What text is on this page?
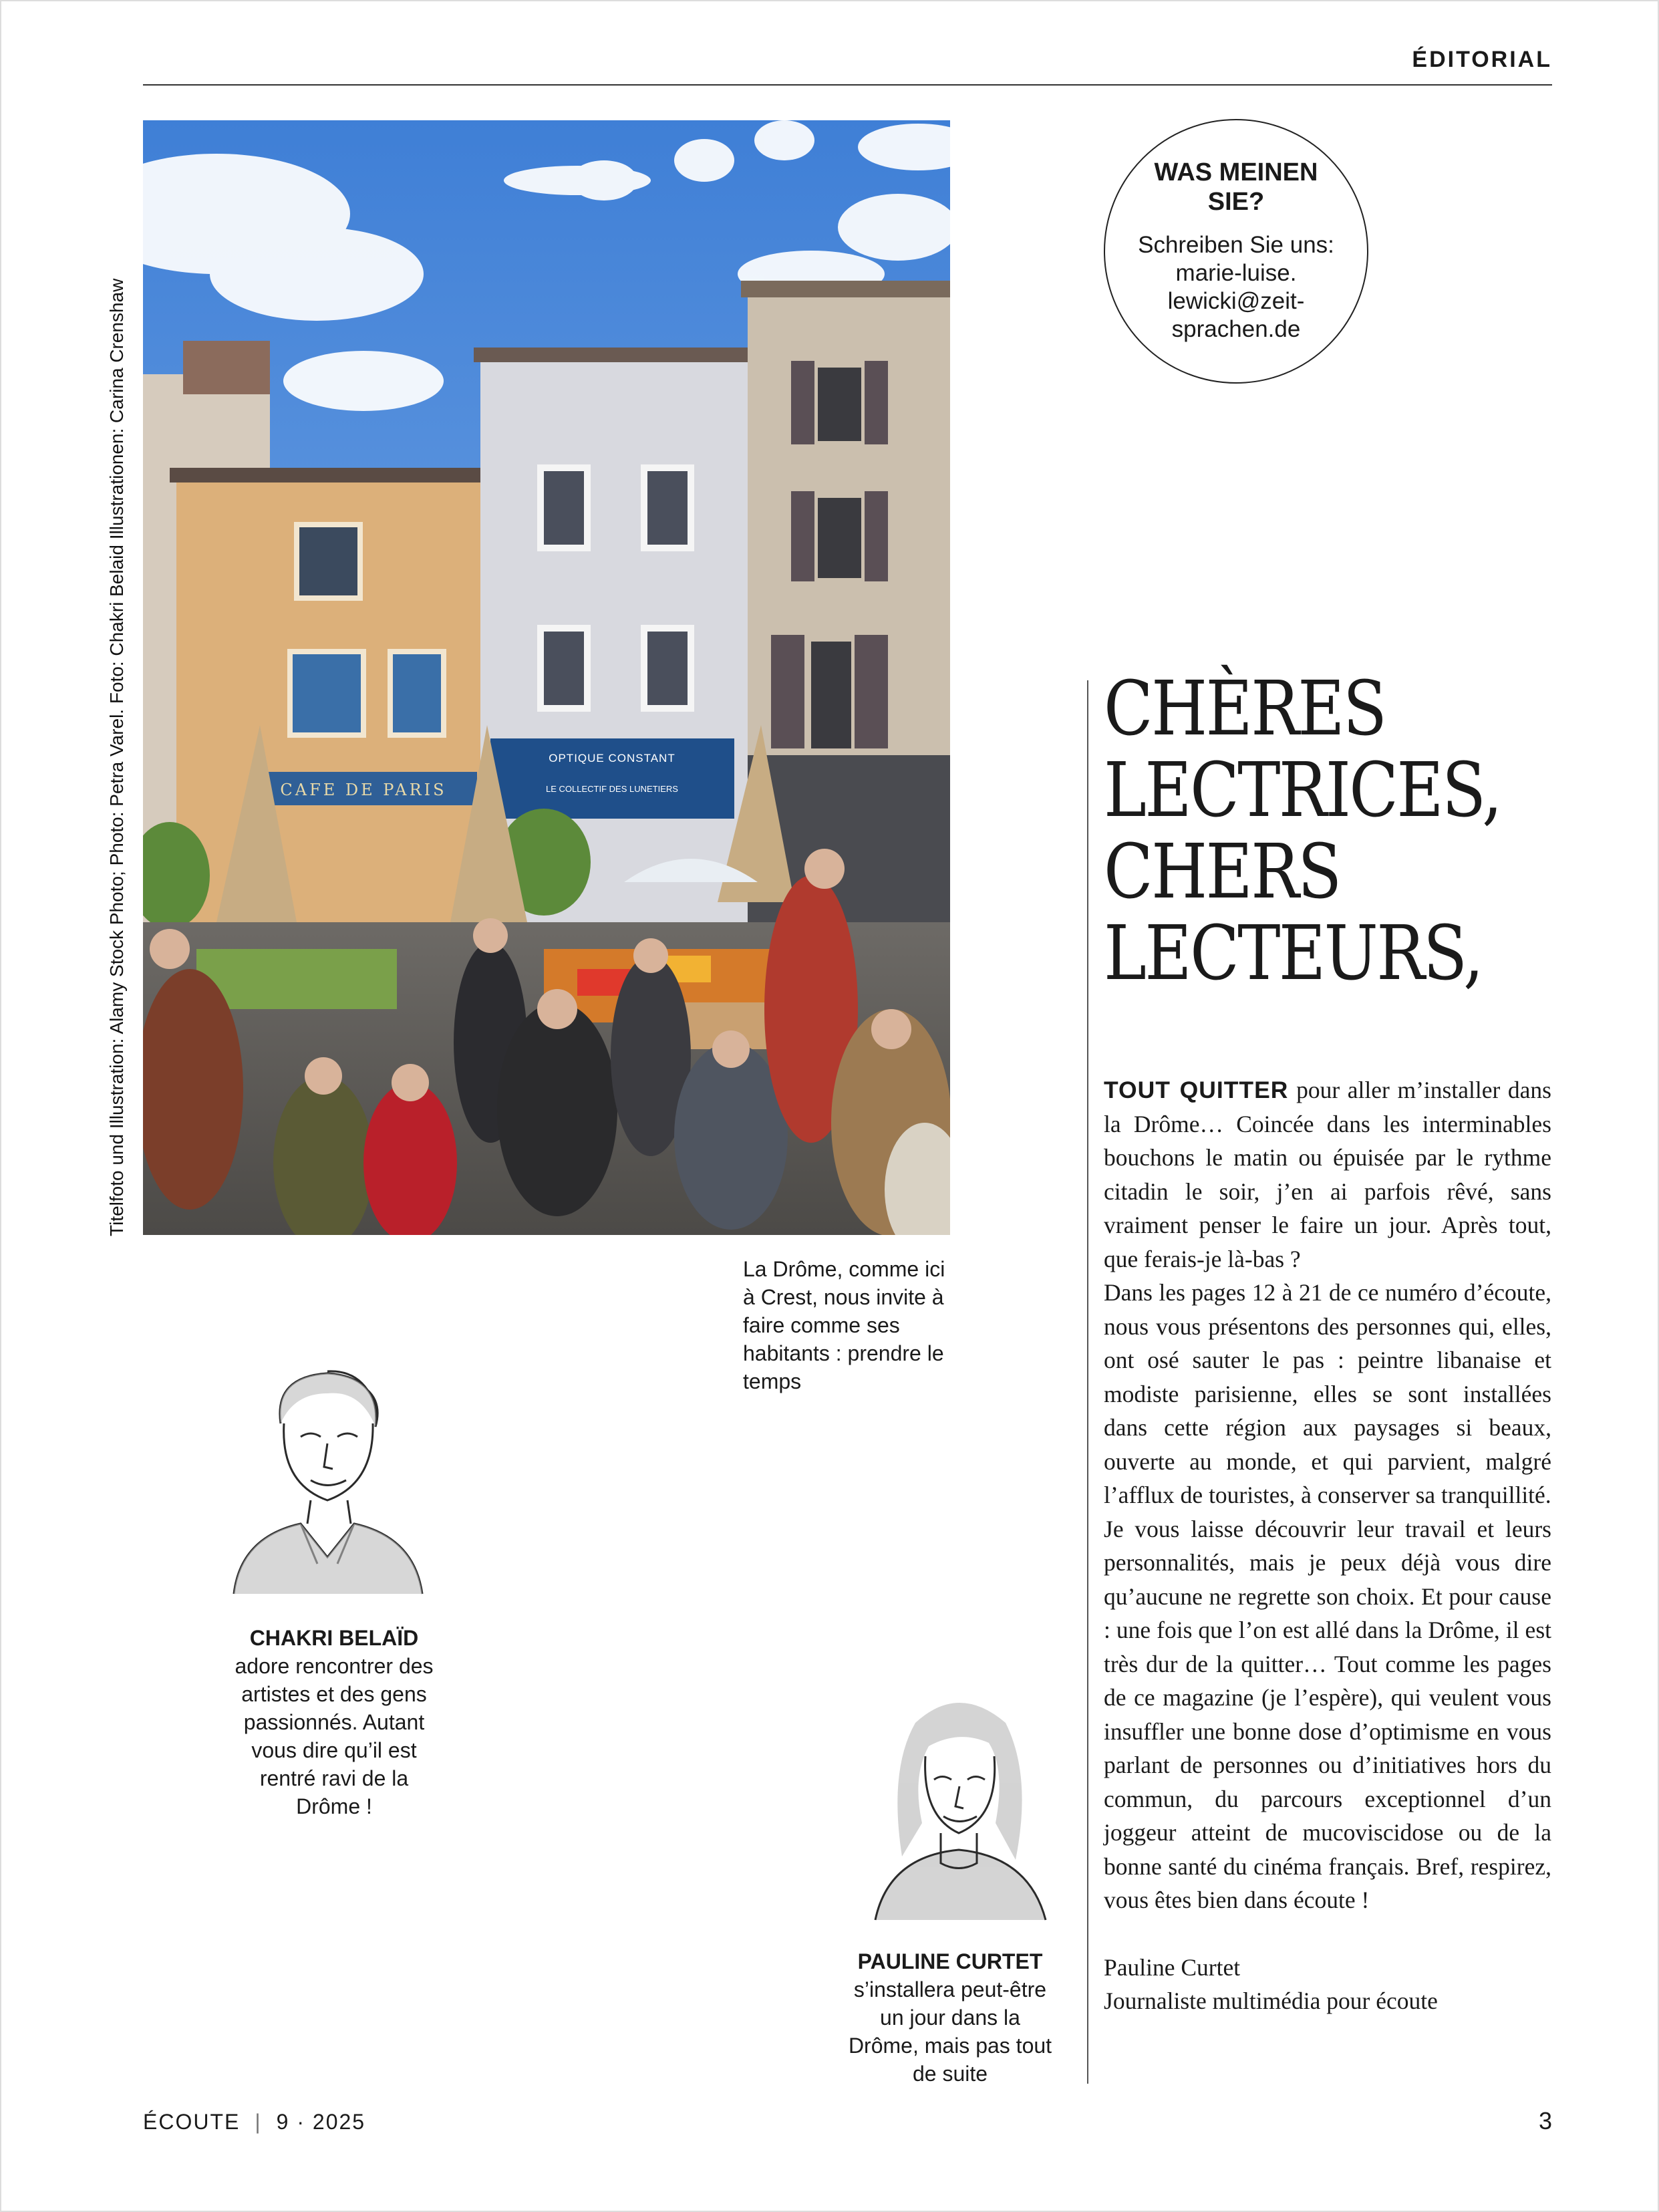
ÉDITORIAL
CAFE DE PARIS
OPTIQUE CONSTANT
LE COLLECTIF DES LUNETIERS
Titelfoto und Illustration: Alamy Stock Photo; Photo: Petra Varel. Foto: Chakri Belaid Illustrationen: Carina Crenshaw
La Drôme, comme ici à Crest, nous invite à faire comme ses habitants : prendre le temps
WAS MEINEN SIE?
Schreiben Sie uns: marie-luise. lewicki@zeit-sprachen.de
CHÈRES
LECTRICES,
CHERS
LECTEURS,

TOUT QUITTER pour aller m’installer dans la Drôme… Coincée dans les interminables bouchons le matin ou épuisée par le rythme citadin le soir, j’en ai parfois rêvé, sans vraiment penser le faire un jour. Après tout, que ferais-je là-bas ?

Dans les pages 12 à 21 de ce numéro d’écoute, nous vous présentons des personnes qui, elles, ont osé sauter le pas : peintre libanaise et modiste parisienne, elles se sont installées dans cette région aux paysages si beaux, ouverte au monde, et qui parvient, malgré l’afflux de touristes, à conserver sa tranquillité.

Je vous laisse découvrir leur travail et leurs personnalités, mais je peux déjà vous dire qu’aucune ne regrette son choix. Et pour cause : une fois que l’on est allé dans la Drôme, il est très dur de la quitter… Tout comme les pages de ce magazine (je l’espère), qui veulent vous insuffler une bonne dose d’optimisme en vous parlant de personnes ou d’initiatives hors du commun, du parcours exceptionnel d’un joggeur atteint de mucoviscidose ou de la bonne santé du cinéma français. Bref, respirez, vous êtes bien dans écoute !

Pauline Curtet
Journaliste multimédia pour écoute

CHAKRI BELAÏD
adore rencontrer des artistes et des gens passionnés. Autant vous dire qu’il est rentré ravi de la Drôme !
PAULINE CURTET
s’installera peut-être un jour dans la Drôme, mais pas tout de suite
ÉCOUTE | 9 · 2025	3
